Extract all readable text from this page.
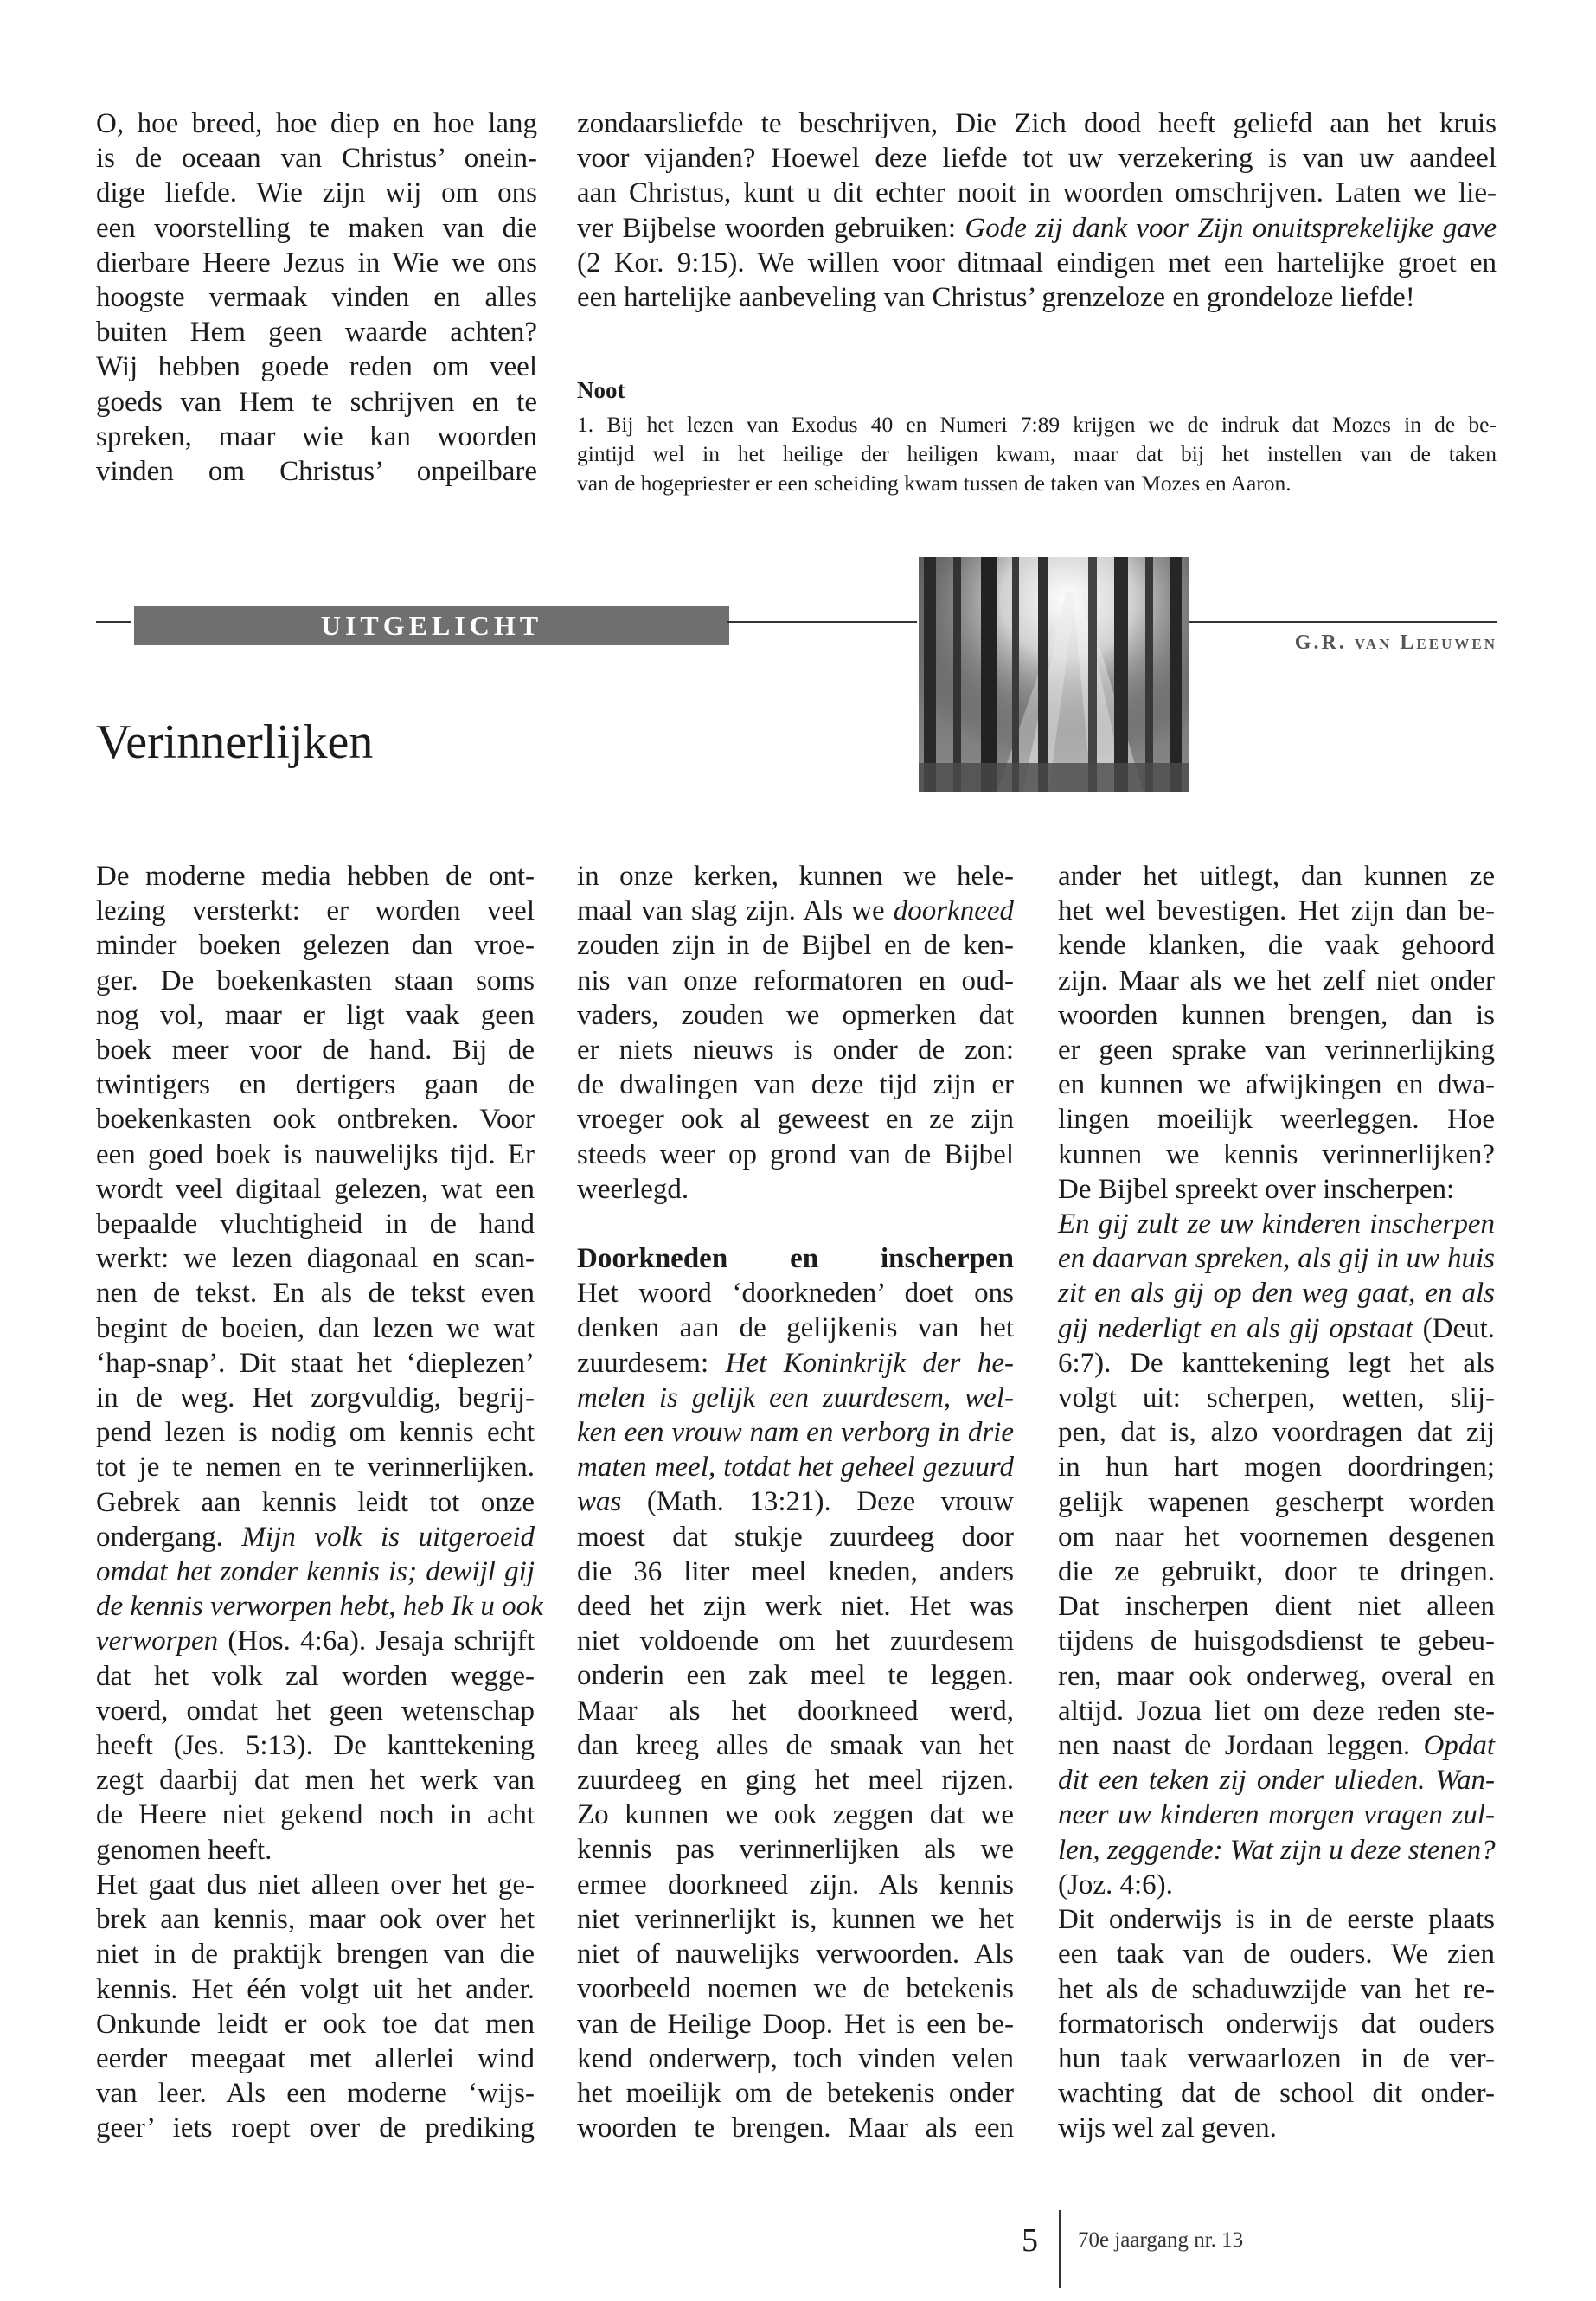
O, hoe breed, hoe diep en hoe lang
is de oceaan van Christus’ onein-
dige liefde. Wie zijn wij om ons
een voorstelling te maken van die
dierbare Heere Jezus in Wie we ons
hoogste vermaak vinden en alles
buiten Hem geen waarde achten?
Wij hebben goede reden om veel
goeds van Hem te schrijven en te
spreken, maar wie kan woorden
vinden om Christus’ onpeilbare
zondaarsliefde te beschrijven, Die Zich dood heeft geliefd aan het kruis
voor vijanden? Hoewel deze liefde tot uw verzekering is van uw aandeel
aan Christus, kunt u dit echter nooit in woorden omschrijven. Laten we lie-
ver Bijbelse woorden gebruiken: Gode zij dank voor Zijn onuitsprekelijke gave
(2 Kor. 9:15). We willen voor ditmaal eindigen met een hartelijke groet en
een hartelijke aanbeveling van Christus’ grenzeloze en grondeloze liefde!
Noot
1. Bij het lezen van Exodus 40 en Numeri 7:89 krijgen we de indruk dat Mozes in de be-
gintijd wel in het heilige der heiligen kwam, maar dat bij het instellen van de taken
van de hogepriester er een scheiding kwam tussen de taken van Mozes en Aaron.
UITGELICHT
G.R. van Leeuwen
Verinnerlijken
De moderne media hebben de ont-
lezing versterkt: er worden veel
minder boeken gelezen dan vroe-
ger. De boekenkasten staan soms
nog vol, maar er ligt vaak geen
boek meer voor de hand. Bij de
twintigers en dertigers gaan de
boekenkasten ook ontbreken. Voor
een goed boek is nauwelijks tijd. Er
wordt veel digitaal gelezen, wat een
bepaalde vluchtigheid in de hand
werkt: we lezen diagonaal en scan-
nen de tekst. En als de tekst even
begint de boeien, dan lezen we wat
‘hap-snap’. Dit staat het ‘dieplezen’
in de weg. Het zorgvuldig, begrij-
pend lezen is nodig om kennis echt
tot je te nemen en te verinnerlijken.
Gebrek aan kennis leidt tot onze
ondergang. Mijn volk is uitgeroeid
omdat het zonder kennis is; dewijl gij
de kennis verworpen hebt, heb Ik u ook
verworpen (Hos. 4:6a). Jesaja schrijft
dat het volk zal worden wegge-
voerd, omdat het geen wetenschap
heeft (Jes. 5:13). De kanttekening
zegt daarbij dat men het werk van
de Heere niet gekend noch in acht
genomen heeft.
Het gaat dus niet alleen over het ge-
brek aan kennis, maar ook over het
niet in de praktijk brengen van die
kennis. Het één volgt uit het ander.
Onkunde leidt er ook toe dat men
eerder meegaat met allerlei wind
van leer. Als een moderne ‘wijs-
geer’ iets roept over de prediking
in onze kerken, kunnen we hele-
maal van slag zijn. Als we doorkneed
zouden zijn in de Bijbel en de ken-
nis van onze reformatoren en oud-
vaders, zouden we opmerken dat
er niets nieuws is onder de zon:
de dwalingen van deze tijd zijn er
vroeger ook al geweest en ze zijn
steeds weer op grond van de Bijbel
weerlegd.
Doorkneden en inscherpen
Het woord ‘doorkneden’ doet ons
denken aan de gelijkenis van het
zuurdesem: Het Koninkrijk der he-
melen is gelijk een zuurdesem, wel-
ken een vrouw nam en verborg in drie
maten meel, totdat het geheel gezuurd
was (Math. 13:21). Deze vrouw
moest dat stukje zuurdeeg door
die 36 liter meel kneden, anders
deed het zijn werk niet. Het was
niet voldoende om het zuurdesem
onderin een zak meel te leggen.
Maar als het doorkneed werd,
dan kreeg alles de smaak van het
zuurdeeg en ging het meel rijzen.
Zo kunnen we ook zeggen dat we
kennis pas verinnerlijken als we
ermee doorkneed zijn. Als kennis
niet verinnerlijkt is, kunnen we het
niet of nauwelijks verwoorden. Als
voorbeeld noemen we de betekenis
van de Heilige Doop. Het is een be-
kend onderwerp, toch vinden velen
het moeilijk om de betekenis onder
woorden te brengen. Maar als een
ander het uitlegt, dan kunnen ze
het wel bevestigen. Het zijn dan be-
kende klanken, die vaak gehoord
zijn. Maar als we het zelf niet onder
woorden kunnen brengen, dan is
er geen sprake van verinnerlijking
en kunnen we afwijkingen en dwa-
lingen moeilijk weerleggen. Hoe
kunnen we kennis verinnerlijken?
De Bijbel spreekt over inscherpen:
En gij zult ze uw kinderen inscherpen
en daarvan spreken, als gij in uw huis
zit en als gij op den weg gaat, en als
gij nederligt en als gij opstaat (Deut.
6:7). De kanttekening legt het als
volgt uit: scherpen, wetten, slij-
pen, dat is, alzo voordragen dat zij
in hun hart mogen doordringen;
gelijk wapenen gescherpt worden
om naar het voornemen desgenen
die ze gebruikt, door te dringen.
Dat inscherpen dient niet alleen
tijdens de huisgodsdienst te gebeu-
ren, maar ook onderweg, overal en
altijd. Jozua liet om deze reden ste-
nen naast de Jordaan leggen. Opdat
dit een teken zij onder ulieden. Wan-
neer uw kinderen morgen vragen zul-
len, zeggende: Wat zijn u deze stenen?
(Joz. 4:6).
Dit onderwijs is in de eerste plaats
een taak van de ouders. We zien
het als de schaduwzijde van het re-
formatorisch onderwijs dat ouders
hun taak verwaarlozen in de ver-
wachting dat de school dit onder-
wijs wel zal geven.
5 70e jaargang nr. 13
